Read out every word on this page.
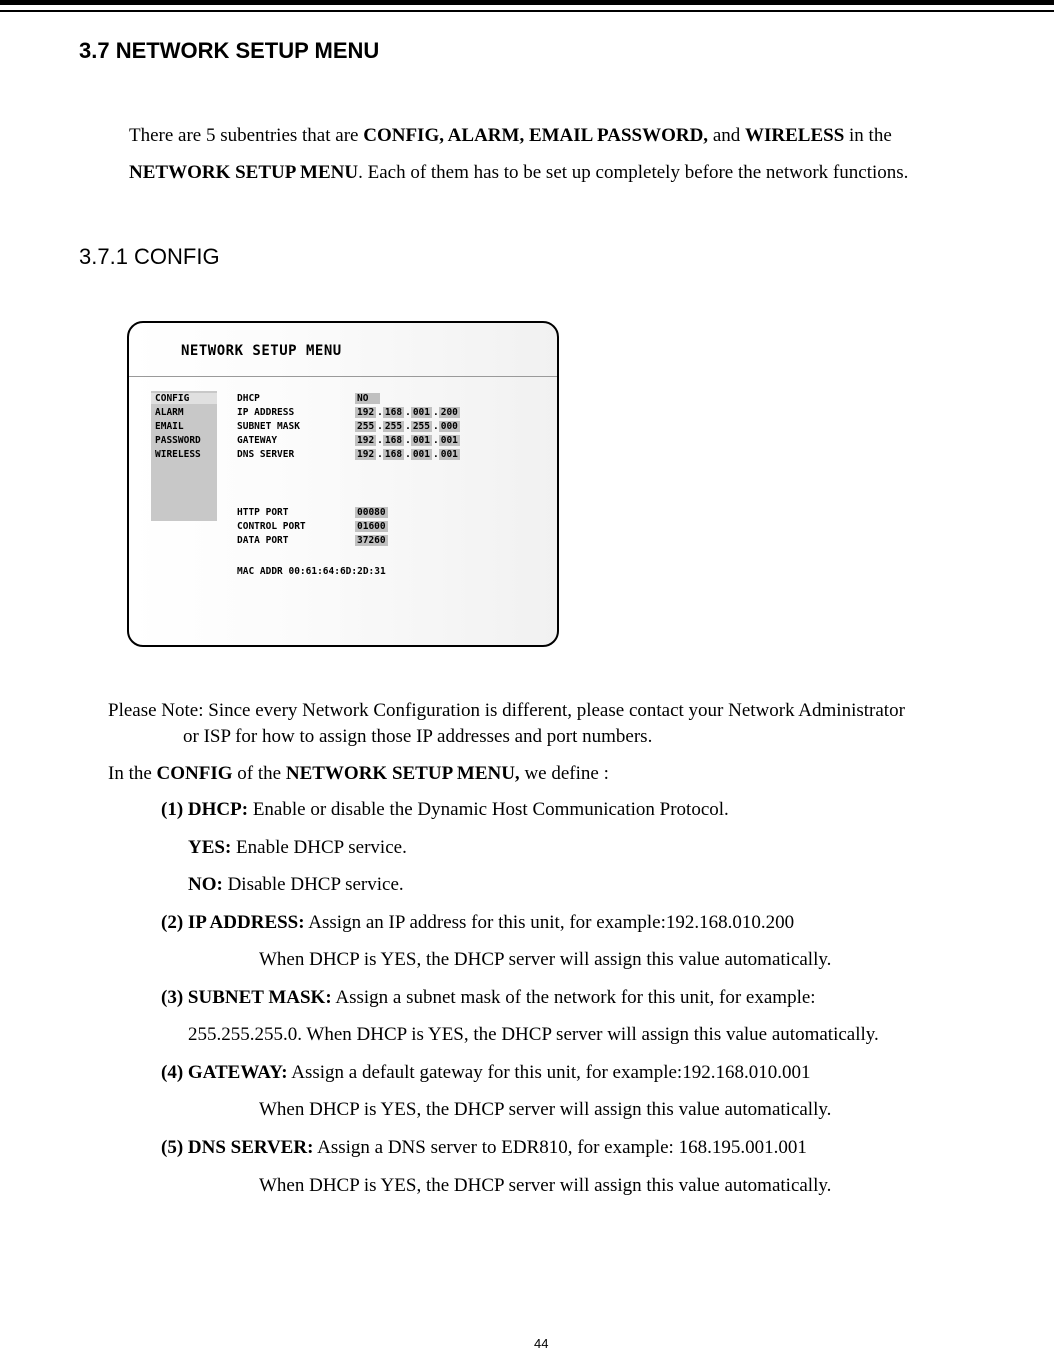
3.7 NETWORK SETUP MENU
There are 5 subentries that are CONFIG, ALARM, EMAIL PASSWORD, and WIRELESS in the
NETWORK SETUP MENU. Each of them has to be set up completely before the network functions.
3.7.1 CONFIG
NETWORK SETUP MENU
CONFIG
ALARM
EMAIL
PASSWORD
WIRELESS
DHCP	NO
IP ADDRESS	192 . 168 . 001 . 200
SUBNET MASK	255 . 255 . 255 . 000
GATEWAY	192 . 168 . 001 . 001
DNS SERVER	192 . 168 . 001 . 001
HTTP PORT	00080
CONTROL PORT	01600
DATA PORT	37260
MAC ADDR 00:61:64:6D:2D:31
Please Note: Since every Network Configuration is different, please contact your Network Administrator
or ISP for how to assign those IP addresses and port numbers.
In the CONFIG of the NETWORK SETUP MENU, we define :
(1) DHCP: Enable or disable the Dynamic Host Communication Protocol.
YES: Enable DHCP service.
NO: Disable DHCP service.
(2) IP ADDRESS: Assign an IP address for this unit, for example:192.168.010.200
When DHCP is YES, the DHCP server will assign this value automatically.
(3) SUBNET MASK: Assign a subnet mask of the network for this unit, for example:
255.255.255.0. When DHCP is YES, the DHCP server will assign this value automatically.
(4) GATEWAY: Assign a default gateway for this unit, for example:192.168.010.001
When DHCP is YES, the DHCP server will assign this value automatically.
(5) DNS SERVER: Assign a DNS server to EDR810, for example: 168.195.001.001
When DHCP is YES, the DHCP server will assign this value automatically.
44
